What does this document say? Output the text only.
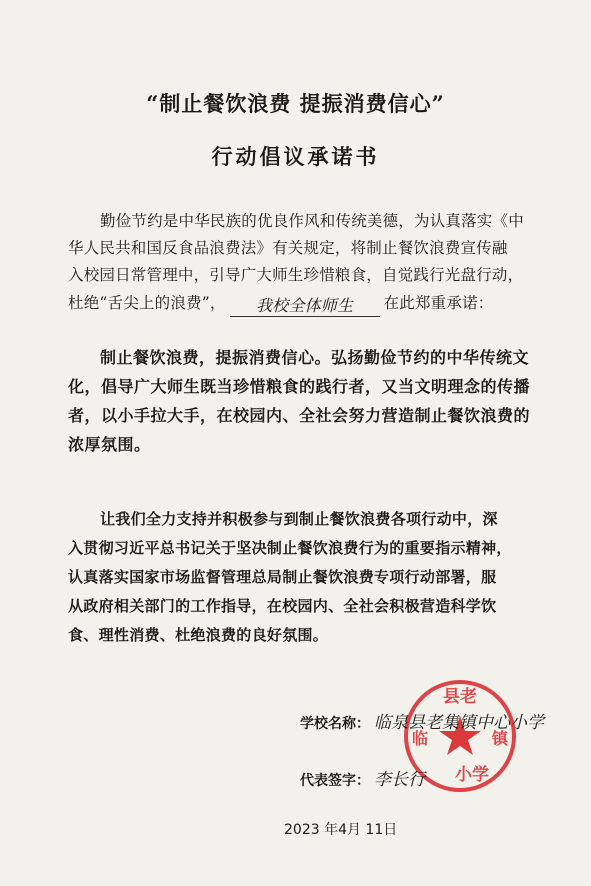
“制止餐饮浪费 提振消费信心”
行动倡议承诺书
勤俭节约是中华民族的优良作风和传统美德，为认真落实《中
华人民共和国反食品浪费法》有关规定，将制止餐饮浪费宣传融
入校园日常管理中，引导广大师生珍惜粮食，自觉践行光盘行动，
杜绝“舌尖上的浪费”， 我校全体师生 在此郑重承诺：
制止餐饮浪费，提振消费信心。弘扬勤俭节约的中华传统文
化，倡导广大师生既当珍惜粮食的践行者，又当文明理念的传播
者，以小手拉大手，在校园内、全社会努力营造制止餐饮浪费的
浓厚氛围。
让我们全力支持并积极参与到制止餐饮浪费各项行动中，深
入贯彻习近平总书记关于坚决制止餐饮浪费行为的重要指示精神，
认真落实国家市场监督管理总局制止餐饮浪费专项行动部署，服
从政府相关部门的工作指导，在校园内、全社会积极营造科学饮
食、理性消费、杜绝浪费的良好氛围。
县老
临	镇
小学
学校名称： 临泉县老集镇中心小学
代表签字： 李长行
2023 年4月 11日
